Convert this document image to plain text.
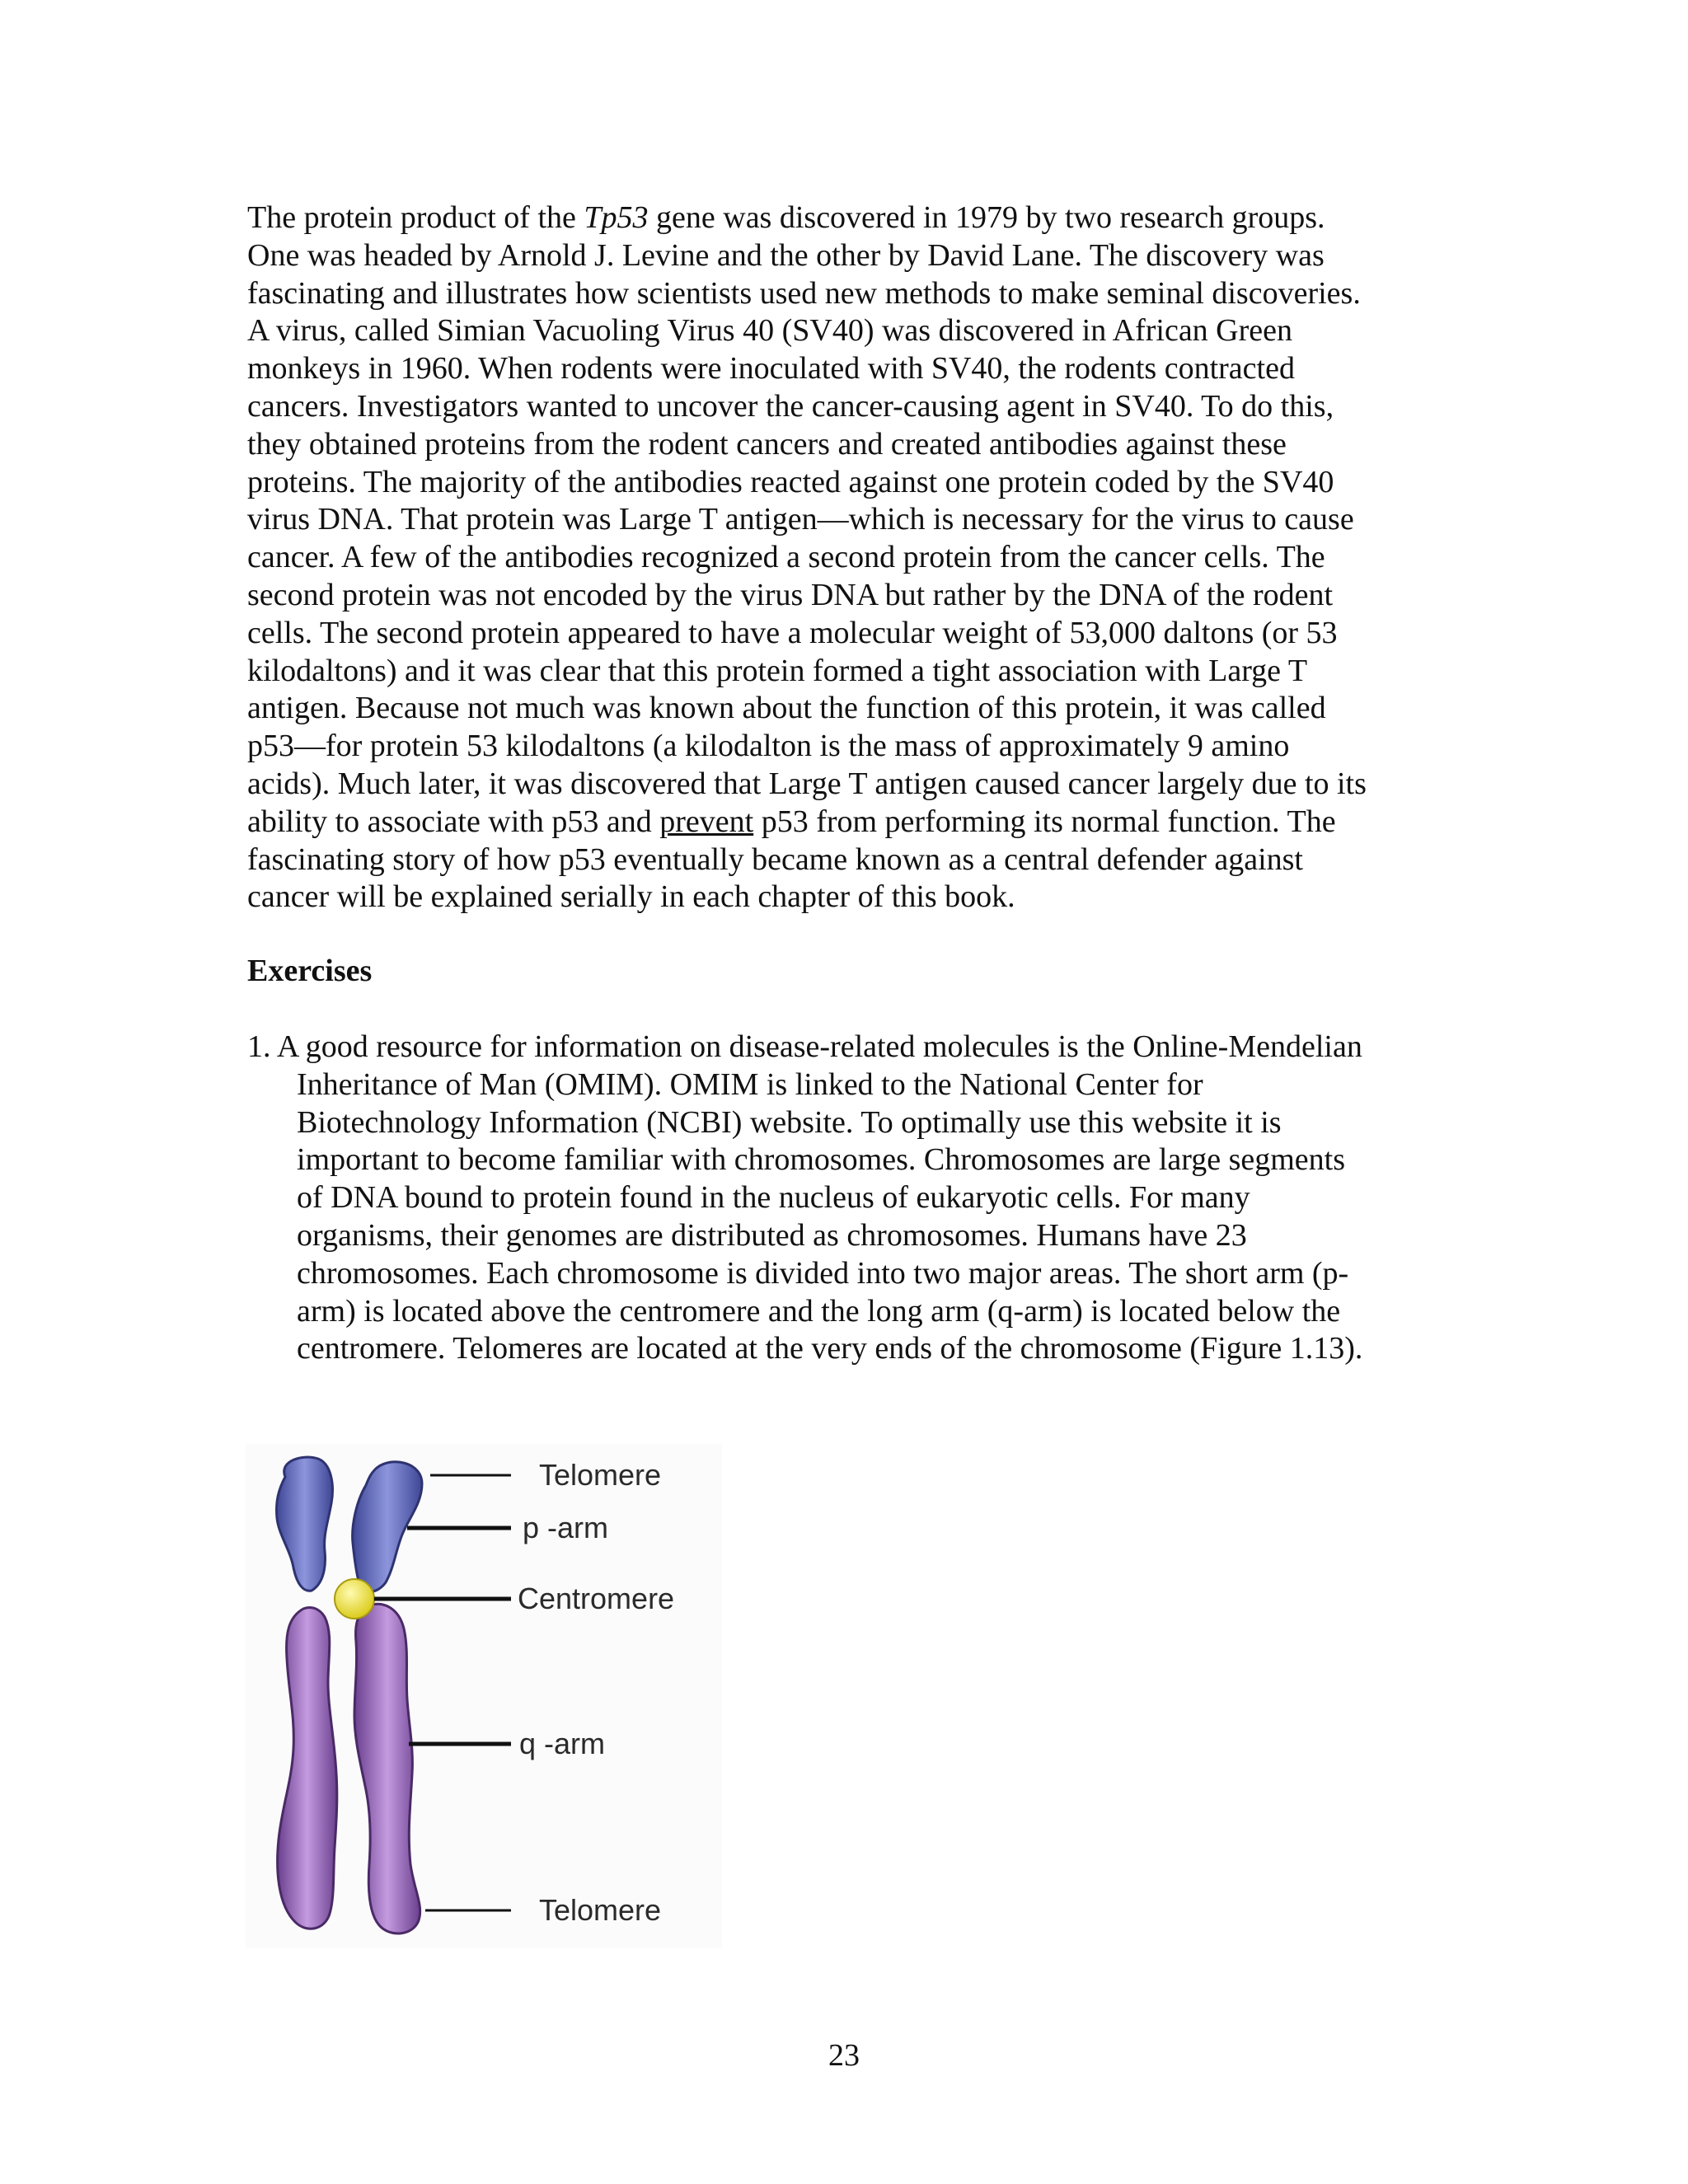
The protein product of the Tp53 gene was discovered in 1979 by two research groups.
One was headed by Arnold J. Levine and the other by David Lane. The discovery was
fascinating and illustrates how scientists used new methods to make seminal discoveries.
A virus, called Simian Vacuoling Virus 40 (SV40) was discovered in African Green
monkeys in 1960. When rodents were inoculated with SV40, the rodents contracted
cancers. Investigators wanted to uncover the cancer-causing agent in SV40. To do this,
they obtained proteins from the rodent cancers and created antibodies against these
proteins. The majority of the antibodies reacted against one protein coded by the SV40
virus DNA. That protein was Large T antigen—which is necessary for the virus to cause
cancer. A few of the antibodies recognized a second protein from the cancer cells. The
second protein was not encoded by the virus DNA but rather by the DNA of the rodent
cells. The second protein appeared to have a molecular weight of 53,000 daltons (or 53
kilodaltons) and it was clear that this protein formed a tight association with Large T
antigen. Because not much was known about the function of this protein, it was called
p53—for protein 53 kilodaltons (a kilodalton is the mass of approximately 9 amino
acids). Much later, it was discovered that Large T antigen caused cancer largely due to its
ability to associate with p53 and prevent p53 from performing its normal function. The
fascinating story of how p53 eventually became known as a central defender against
cancer will be explained serially in each chapter of this book.
Exercises
1. A good resource for information on disease-related molecules is the Online-Mendelian
Inheritance of Man (OMIM). OMIM is linked to the National Center for
Biotechnology Information (NCBI) website. To optimally use this website it is
important to become familiar with chromosomes. Chromosomes are large segments
of DNA bound to protein found in the nucleus of eukaryotic cells. For many
organisms, their genomes are distributed as chromosomes. Humans have 23
chromosomes. Each chromosome is divided into two major areas. The short arm (p-
arm) is located above the centromere and the long arm (q-arm) is located below the
centromere. Telomeres are located at the very ends of the chromosome (Figure 1.13).
Telomere
p -arm
Centromere
q -arm
Telomere
23
